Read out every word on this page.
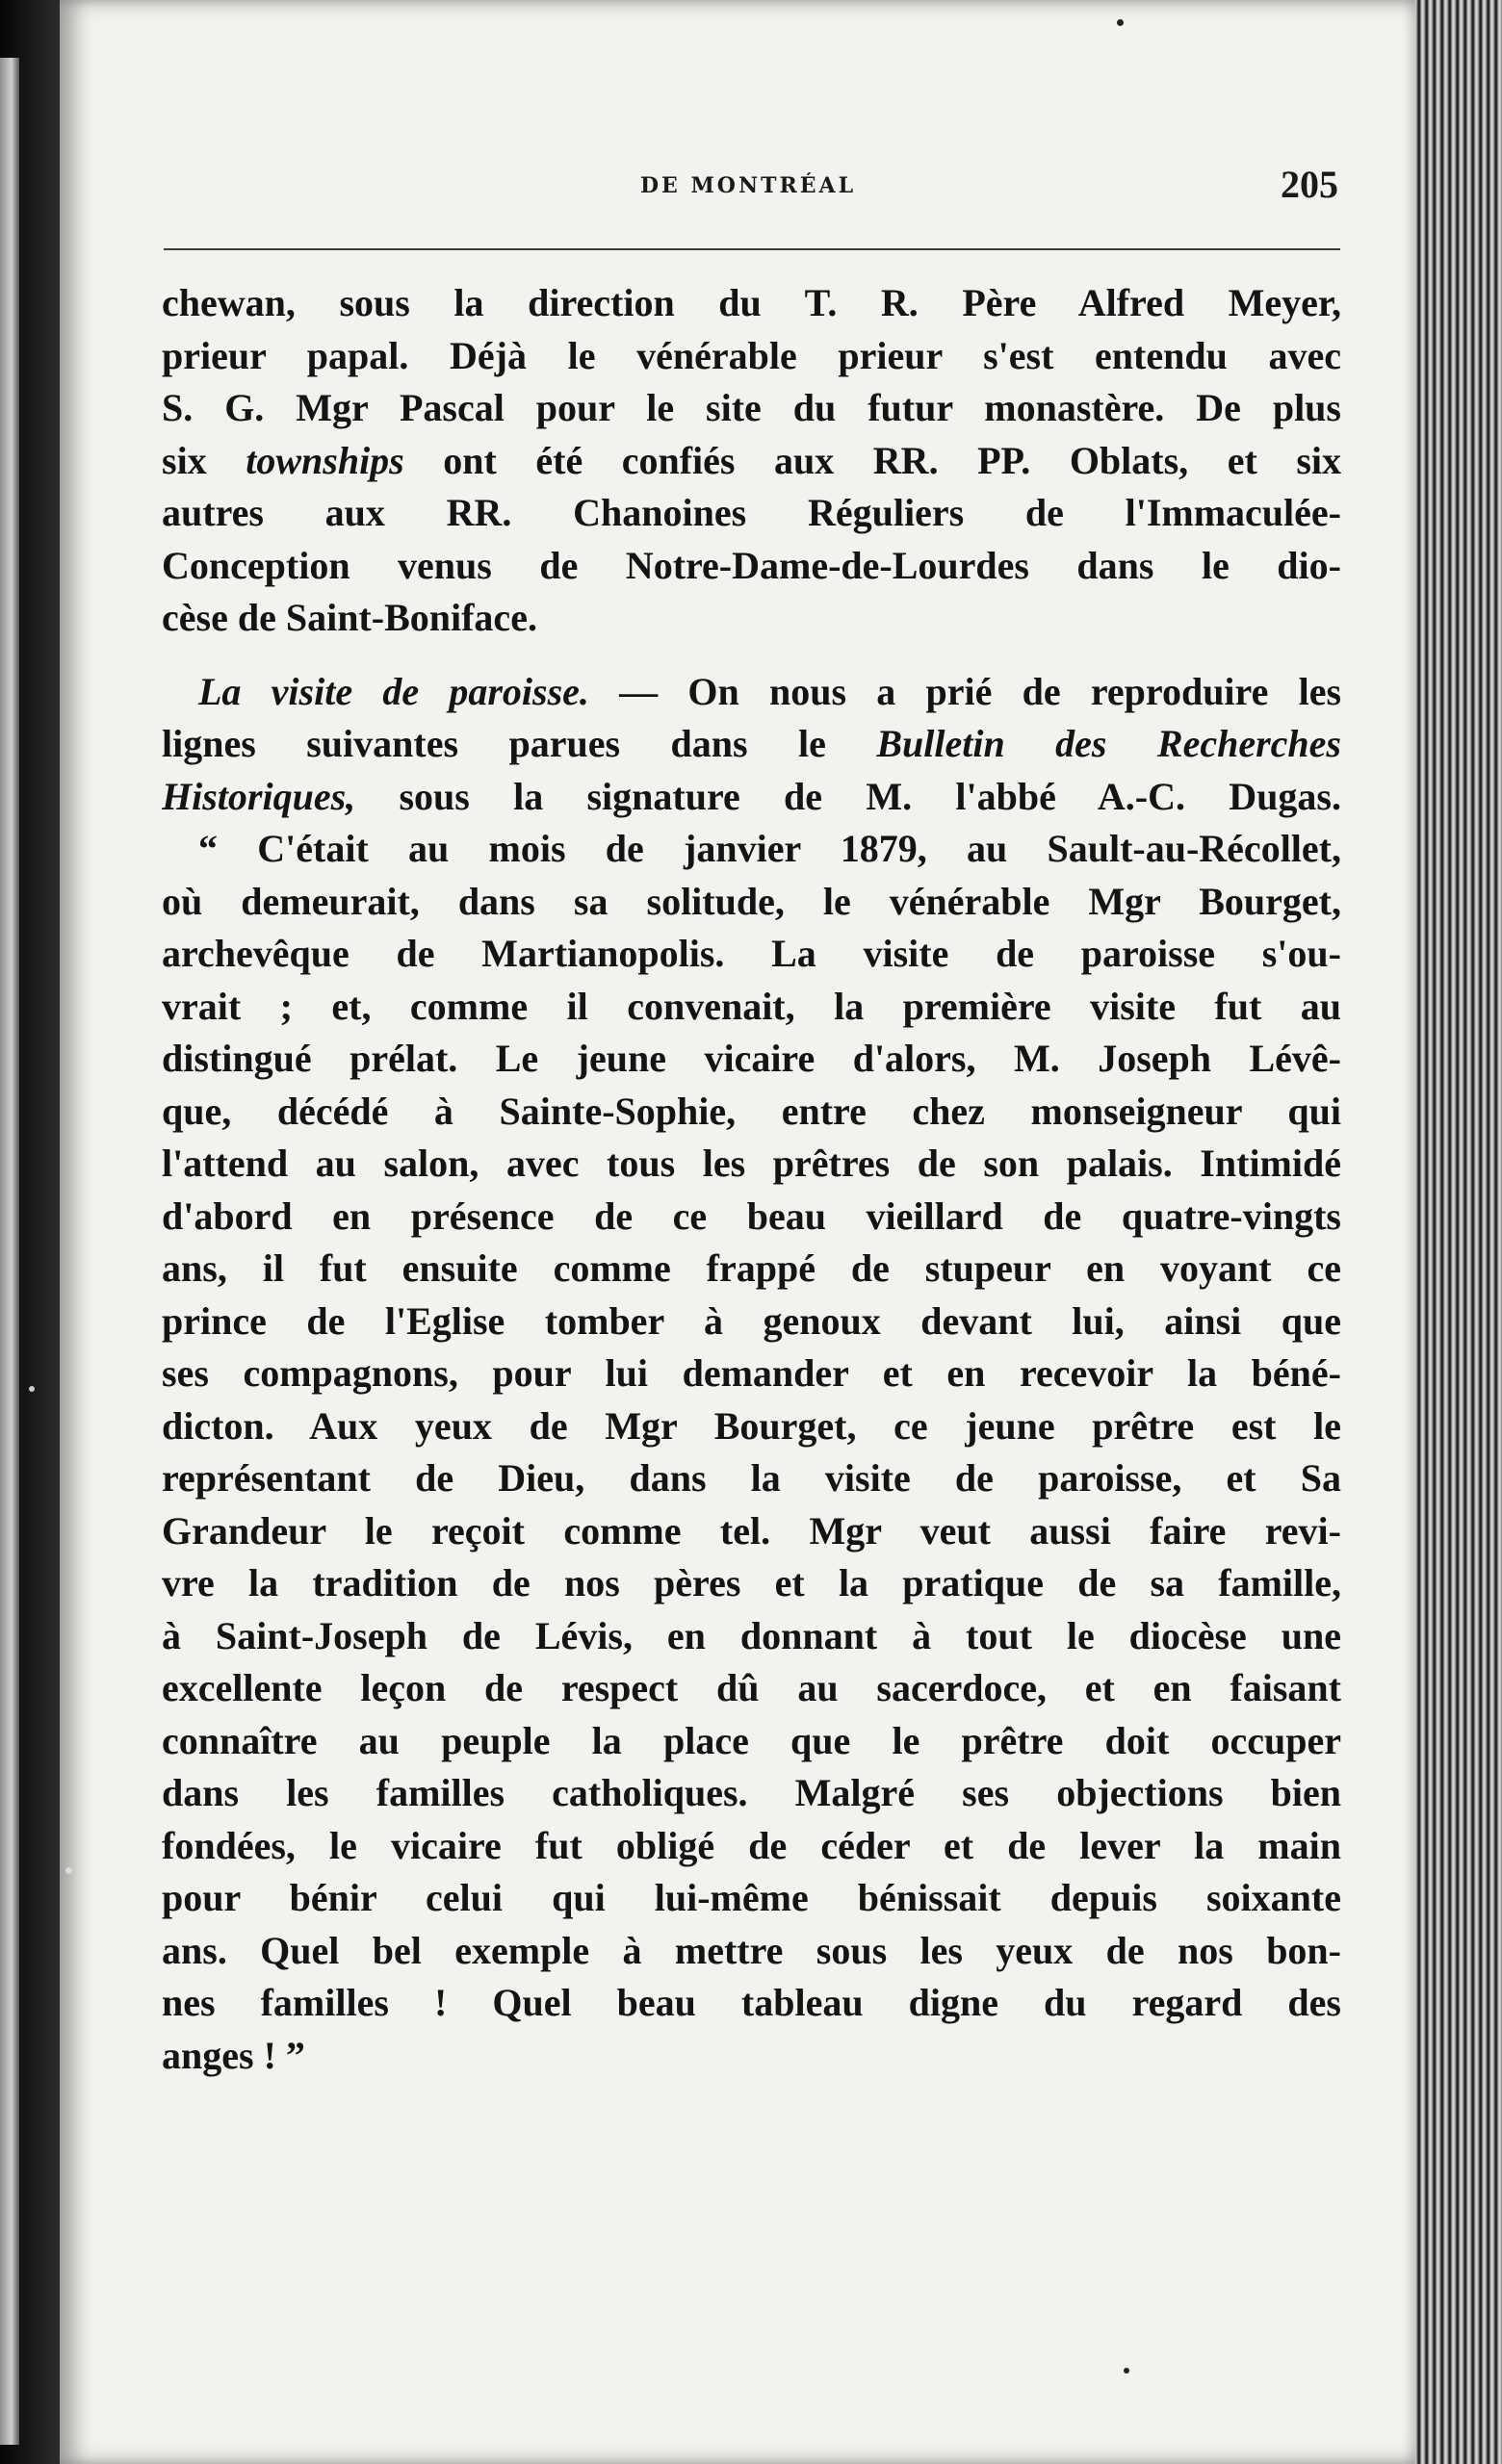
DE MONTRÉAL	205
chewan, sous la direction du T. R. Père Alfred Meyer,
prieur papal. Déjà le vénérable prieur s'est entendu avec
S. G. Mgr Pascal pour le site du futur monastère. De plus
six townships ont été confiés aux RR. PP. Oblats, et six
autres aux RR. Chanoines Réguliers de l'Immaculée-
Conception venus de Notre-Dame-de-Lourdes dans le dio-
cèse de Saint-Boniface.
La visite de paroisse. — On nous a prié de reproduire les
lignes suivantes parues dans le Bulletin des Recherches
Historiques, sous la signature de M. l'abbé A.-C. Dugas.
“ C'était au mois de janvier 1879, au Sault-au-Récollet,
où demeurait, dans sa solitude, le vénérable Mgr Bourget,
archevêque de Martianopolis. La visite de paroisse s'ou-
vrait ; et, comme il convenait, la première visite fut au
distingué prélat. Le jeune vicaire d'alors, M. Joseph Lévê-
que, décédé à Sainte-Sophie, entre chez monseigneur qui
l'attend au salon, avec tous les prêtres de son palais. Intimidé
d'abord en présence de ce beau vieillard de quatre-vingts
ans, il fut ensuite comme frappé de stupeur en voyant ce
prince de l'Eglise tomber à genoux devant lui, ainsi que
ses compagnons, pour lui demander et en recevoir la béné-
dicton. Aux yeux de Mgr Bourget, ce jeune prêtre est le
représentant de Dieu, dans la visite de paroisse, et Sa
Grandeur le reçoit comme tel. Mgr veut aussi faire revi-
vre la tradition de nos pères et la pratique de sa famille,
à Saint-Joseph de Lévis, en donnant à tout le diocèse une
excellente leçon de respect dû au sacerdoce, et en faisant
connaître au peuple la place que le prêtre doit occuper
dans les familles catholiques. Malgré ses objections bien
fondées, le vicaire fut obligé de céder et de lever la main
pour bénir celui qui lui-même bénissait depuis soixante
ans. Quel bel exemple à mettre sous les yeux de nos bon-
nes familles ! Quel beau tableau digne du regard des
anges ! ”
